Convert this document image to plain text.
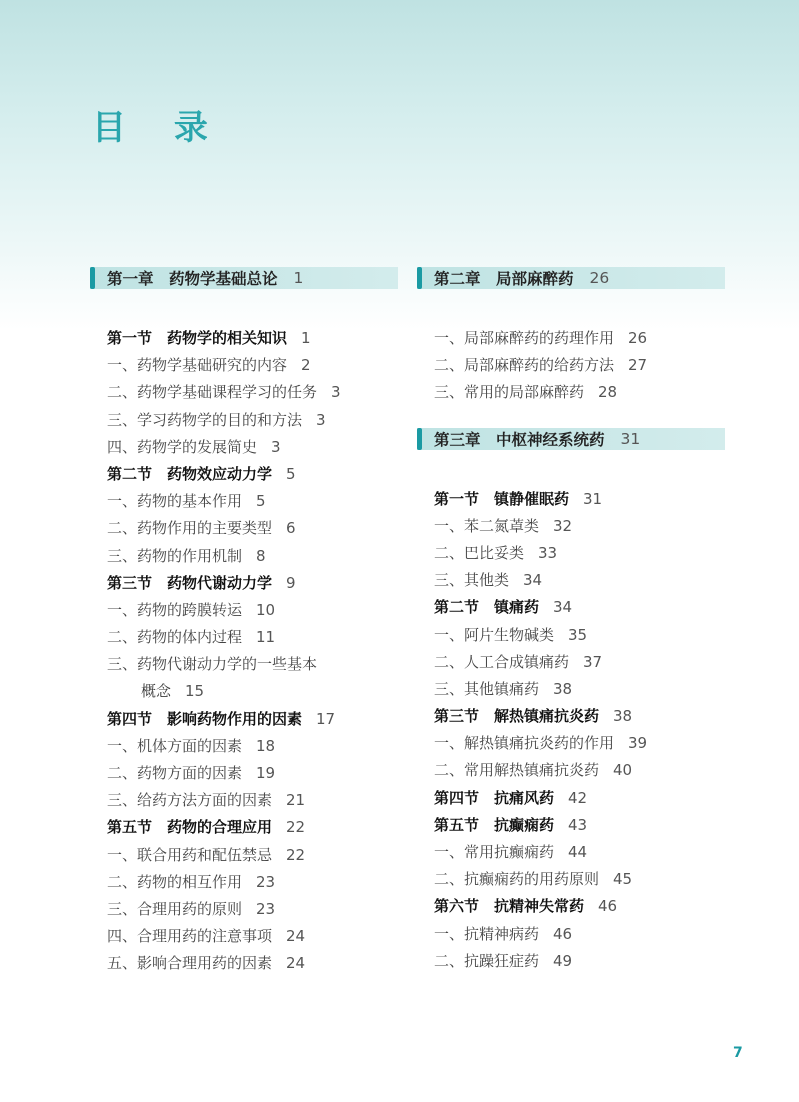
目 录
第一章　药物学基础总论 1
第一节　药物学的相关知识 1
一、药物学基础研究的内容 2
二、药物学基础课程学习的任务 3
三、学习药物学的目的和方法 3
四、药物学的发展简史 3
第二节　药物效应动力学 5
一、药物的基本作用 5
二、药物作用的主要类型 6
三、药物的作用机制 8
第三节　药物代谢动力学 9
一、药物的跨膜转运 10
二、药物的体内过程 11
三、药物代谢动力学的一些基本
概念 15
第四节　影响药物作用的因素 17
一、机体方面的因素 18
二、药物方面的因素 19
三、给药方法方面的因素 21
第五节　药物的合理应用 22
一、联合用药和配伍禁忌 22
二、药物的相互作用 23
三、合理用药的原则 23
四、合理用药的注意事项 24
五、影响合理用药的因素 24
第二章　局部麻醉药 26
一、局部麻醉药的药理作用 26
二、局部麻醉药的给药方法 27
三、常用的局部麻醉药 28
第三章　中枢神经系统药 31
第一节　镇静催眠药 31
一、苯二氮䓬类 32
二、巴比妥类 33
三、其他类 34
第二节　镇痛药 34
一、阿片生物碱类 35
二、人工合成镇痛药 37
三、其他镇痛药 38
第三节　解热镇痛抗炎药 38
一、解热镇痛抗炎药的作用 39
二、常用解热镇痛抗炎药 40
第四节　抗痛风药 42
第五节　抗癫痫药 43
一、常用抗癫痫药 44
二、抗癫痫药的用药原则 45
第六节　抗精神失常药 46
一、抗精神病药 46
二、抗躁狂症药 49
7
